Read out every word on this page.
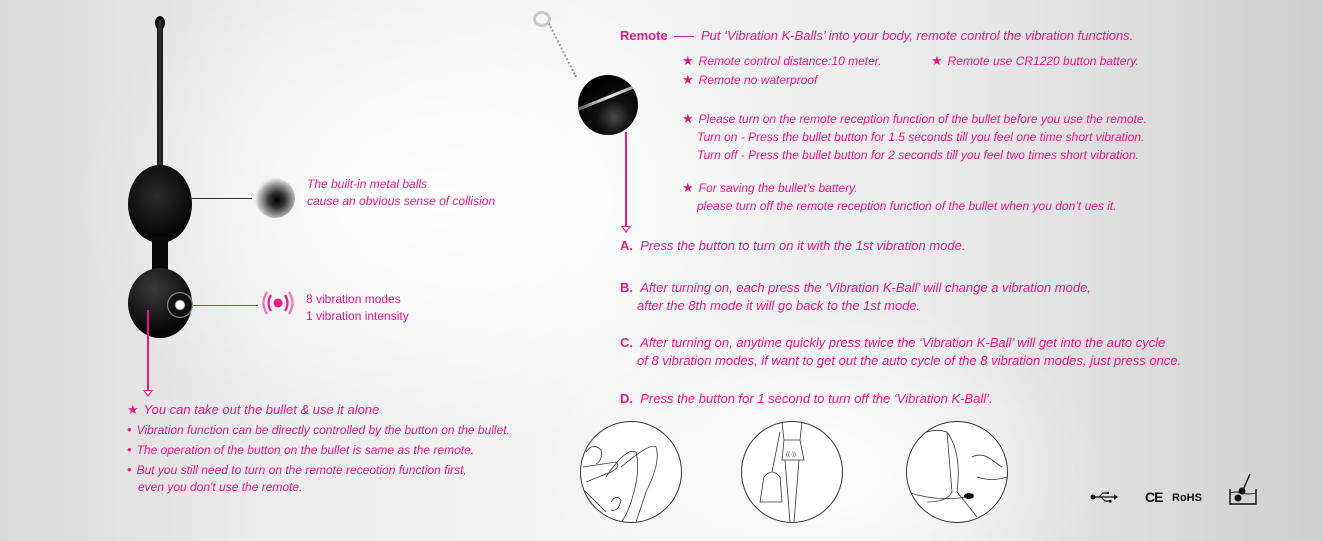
The built-in metal balls
cause an obvious sense of collision
8 vibration modes
1 vibration intensity
★ You can take out the bullet & use it alone
• Vibration function can be directly controlled by the button on the bullet.
• The operation of the button on the bullet is same as the remote.
• But you still need to turn on the remote receotion function first,
even you don't use the remote.
Remote	Put ‘Vibration K-Balls’ into your body, remote control the vibration functions.
★ Remote control distance:10 meter.	★ Remote use CR1220 button battery.
★ Remote no waterproof
★ Please turn on the remote reception function of the bullet before you use the remote.
Turn on - Press the bullet button for 1.5 seconds till you feel one time short vibration.
Turn off - Press the bullet button for 2 seconds till you feel two times short vibration.
★ For saving the bullet’s battery.
please turn off the remote reception function of the bullet when you don’t ues it.
A. Press the button to turn on it with the 1st vibration mode.
B. After turning on, each press the ‘Vibration K-Ball’ will change a vibration mode,
after the 8th mode it will go back to the 1st mode.
C. After turning on, anytime quickly press twice the ‘Vibration K-Ball’ will get into the auto cycle
of 8 vibration modes, if want to get out the auto cycle of the 8 vibration modes, just press once.
D. Press the button for 1 second to turn off the ‘Vibration K-Ball’.
((·))
CE RoHS
